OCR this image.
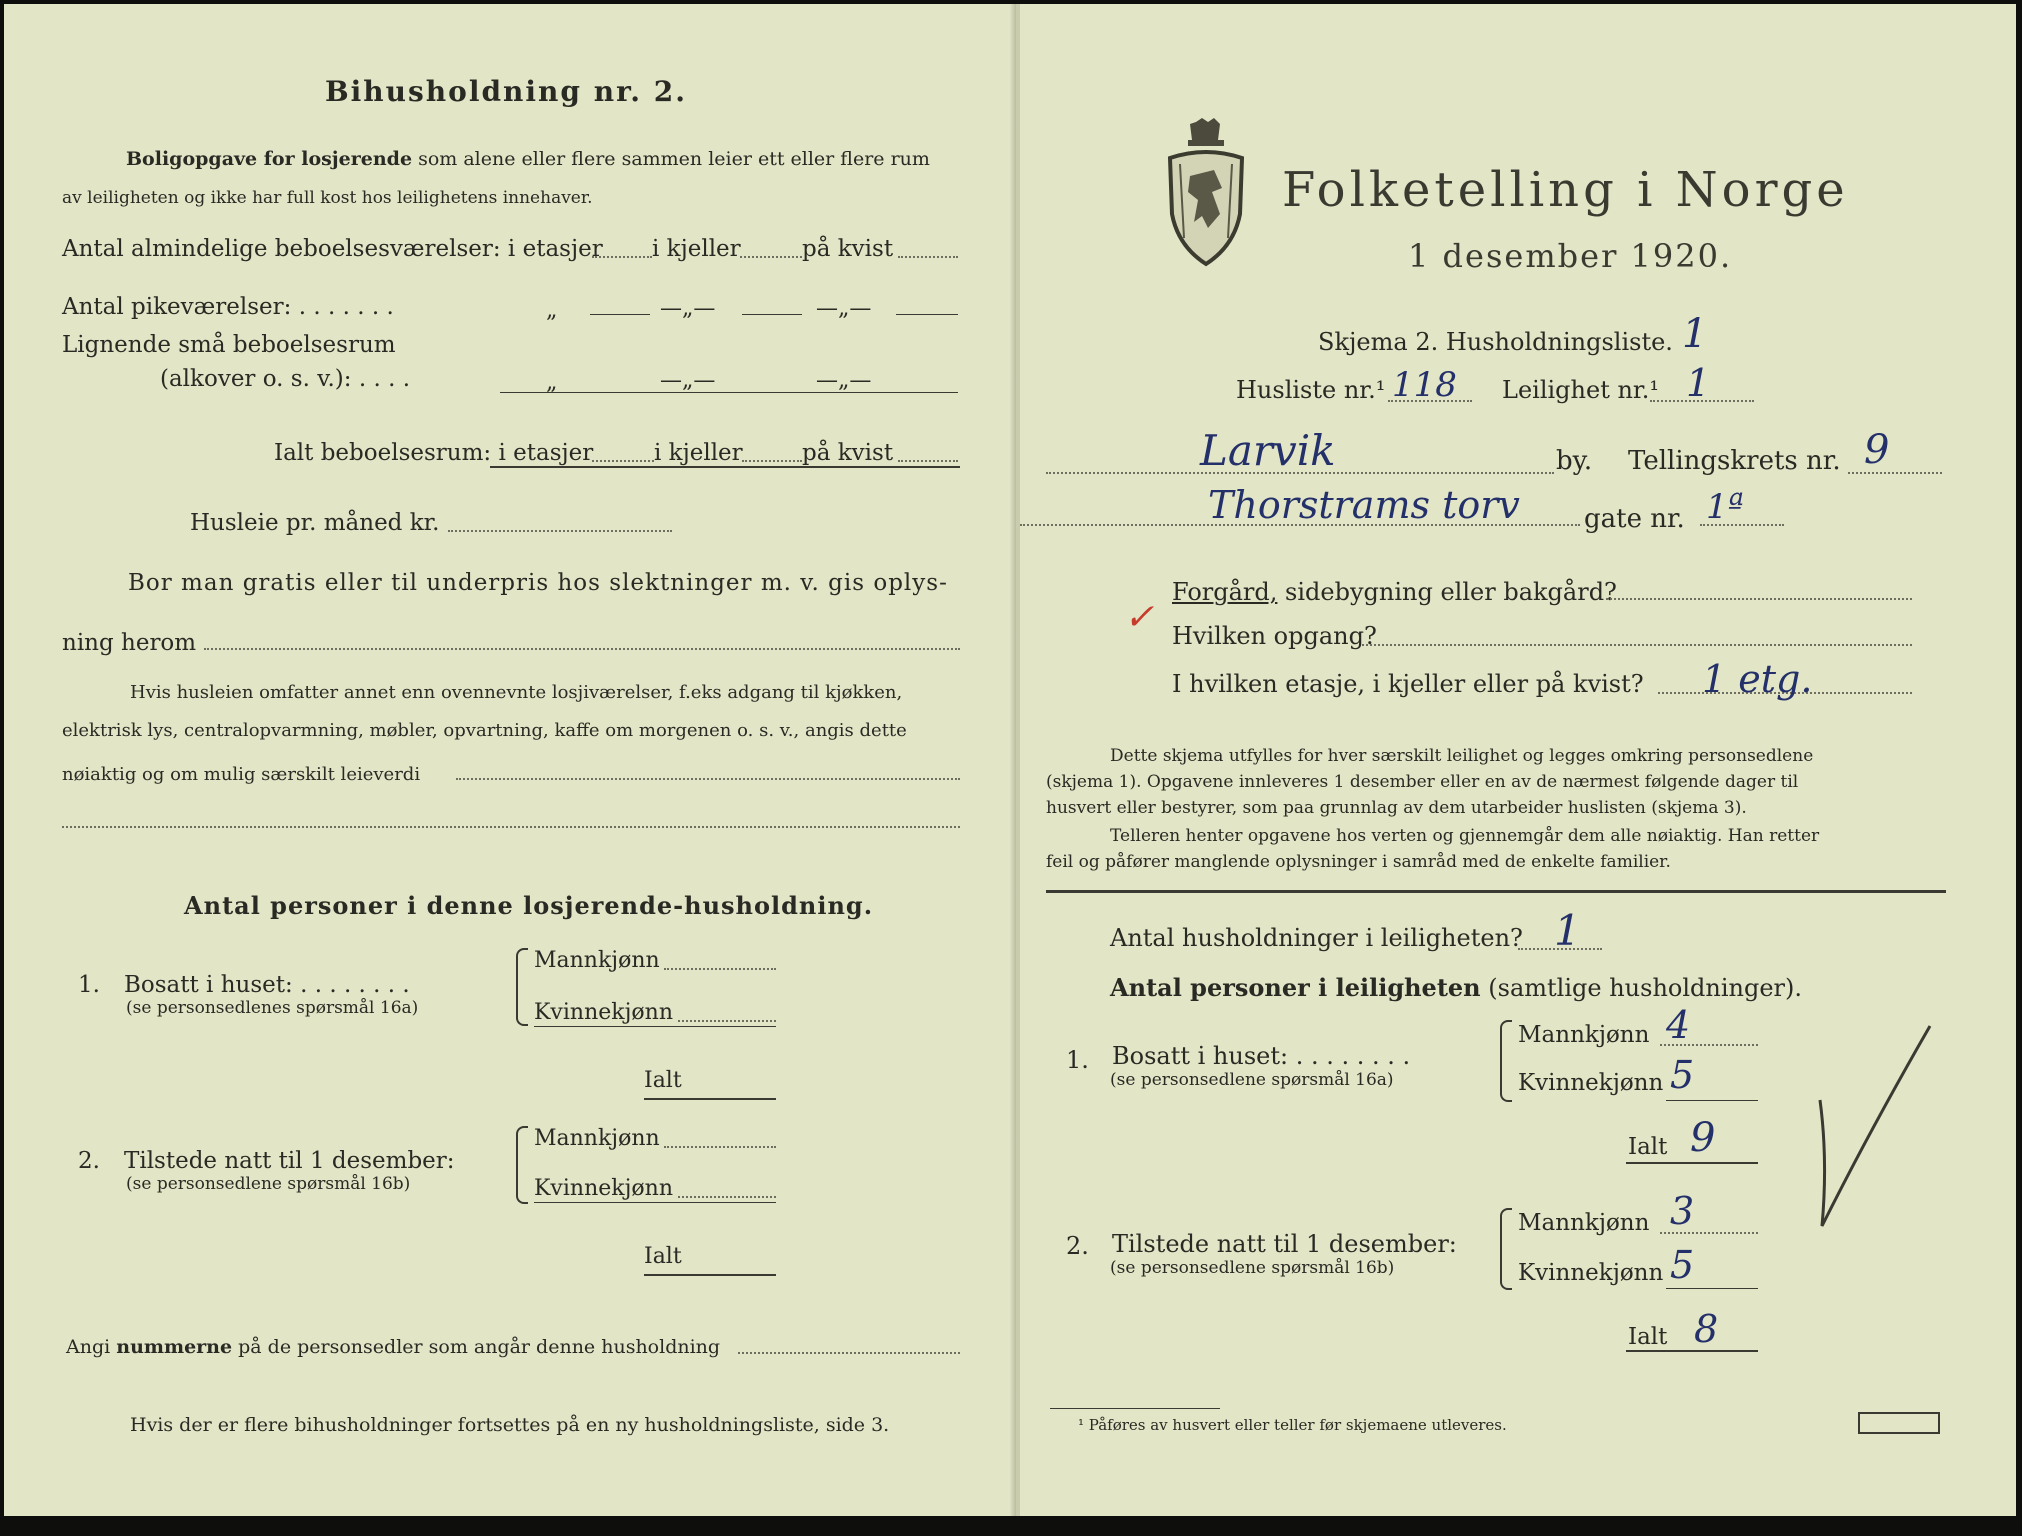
Bihusholdning nr. 2.
Boligopgave for losjerende som alene eller flere sammen leier ett eller flere rum
av leiligheten og ikke har full kost hos leilighetens innehaver.
Antal almindelige beboelsesværelser: i etasjer i kjeller	på kvist
Antal pikeværelser: . . . . . . .	„	—„—	—„—
Lignende små beboelsesrum
(alkover o. s. v.): . . . .	„	—„—	—„—
Ialt beboelsesrum: i etasjer	i kjeller	på kvist
Husleie pr. måned kr.
Bor man gratis eller til underpris hos slektninger m. v. gis oplys-
ning herom
Hvis husleien omfatter annet enn ovennevnte losjiværelser, f.eks adgang til kjøkken,
elektrisk lys, centralopvarmning, møbler, opvartning, kaffe om morgenen o. s. v., angis dette
nøiaktig og om mulig særskilt leieverdi
Antal personer i denne losjerende-husholdning.
1. Bosatt i huset: . . . . . . . .
(se personsedlenes spørsmål 16a)
Mannkjønn
Kvinnekjønn
Ialt
2. Tilstede natt til 1 desember:
(se personsedlene spørsmål 16b)
Mannkjønn
Kvinnekjønn
Ialt
Angi nummerne på de personsedler som angår denne husholdning
Hvis der er flere bihusholdninger fortsettes på en ny husholdningsliste, side 3.
Folketelling i Norge
1 desember 1920.
Skjema 2. Husholdningsliste. 1
Husliste nr.¹ 118 Leilighet nr.¹ 1
Larvik	by. Tellingskrets nr. 9
Thorstrams torv gate nr. 1ª
Forgård, sidebygning eller bakgård?
✓ Hvilken opgang?
I hvilken etasje, i kjeller eller på kvist? 1 etg.
Dette skjema utfylles for hver særskilt leilighet og legges omkring personsedlene
(skjema 1). Opgavene innleveres 1 desember eller en av de nærmest følgende dager til
husvert eller bestyrer, som paa grunnlag av dem utarbeider huslisten (skjema 3).
Telleren henter opgavene hos verten og gjennemgår dem alle nøiaktig. Han retter
feil og påfører manglende oplysninger i samråd med de enkelte familier.
Antal husholdninger i leiligheten? 1
Antal personer i leiligheten (samtlige husholdninger).
1. Bosatt i huset: . . . . . . . .
(se personsedlene spørsmål 16a)
Mannkjønn 4
Kvinnekjønn 5
Ialt 9
2. Tilstede natt til 1 desember:
(se personsedlene spørsmål 16b)
Mannkjønn 3
Kvinnekjønn 5
Ialt 8
¹ Påføres av husvert eller teller før skjemaene utleveres.
